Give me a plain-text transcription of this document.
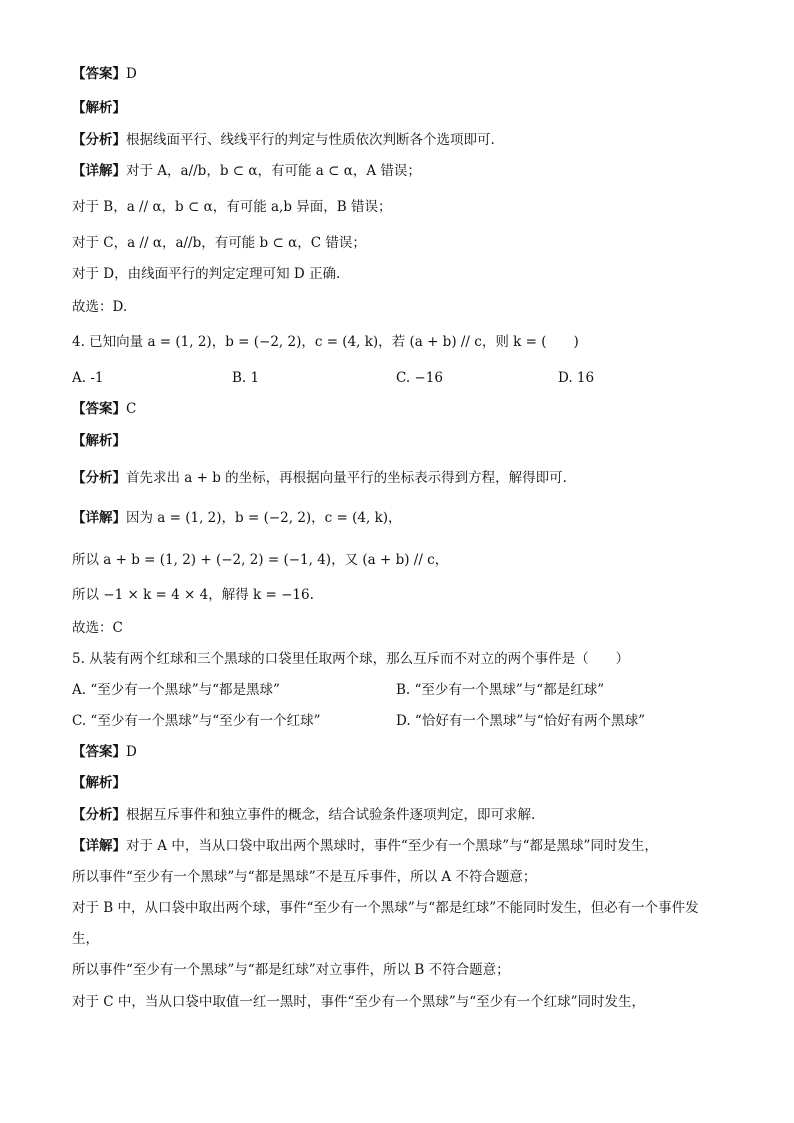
【答案】D
【解析】
【分析】根据线面平行、线线平行的判定与性质依次判断各个选项即可.
【详解】对于 A，a//b，b ⊂ α，有可能 a ⊂ α，A 错误；
对于 B，a // α，b ⊂ α，有可能 a,b 异面，B 错误；
对于 C，a // α，a//b，有可能 b ⊂ α，C 错误；
对于 D，由线面平行的判定定理可知 D 正确.
故选：D.
4. 已知向量 a = (1, 2)，b = (−2, 2)，c = (4, k)，若 (a + b) // c，则 k = (　　)
A. -1	B. 1	C. −16	D. 16
【答案】C
【解析】
【分析】首先求出 a + b 的坐标，再根据向量平行的坐标表示得到方程，解得即可.
【详解】因为 a = (1, 2)，b = (−2, 2)，c = (4, k)，
所以 a + b = (1, 2) + (−2, 2) = (−1, 4)，又 (a + b) // c，
所以 −1 × k = 4 × 4，解得 k = −16.
故选：C
5. 从装有两个红球和三个黑球的口袋里任取两个球，那么互斥而不对立的两个事件是（　　）
A. “至少有一个黑球”与“都是黑球”	B. “至少有一个黑球”与“都是红球”
C. “至少有一个黑球”与“至少有一个红球”	D. “恰好有一个黑球”与“恰好有两个黑球”
【答案】D
【解析】
【分析】根据互斥事件和独立事件的概念，结合试验条件逐项判定，即可求解.
【详解】对于 A 中，当从口袋中取出两个黑球时，事件“至少有一个黑球”与“都是黑球”同时发生，
所以事件“至少有一个黑球”与“都是黑球”不是互斥事件，所以 A 不符合题意；
对于 B 中，从口袋中取出两个球，事件“至少有一个黑球”与“都是红球”不能同时发生，但必有一个事件发
生，
所以事件“至少有一个黑球”与“都是红球”对立事件，所以 B 不符合题意；
对于 C 中，当从口袋中取值一红一黑时，事件“至少有一个黑球”与“至少有一个红球”同时发生，
